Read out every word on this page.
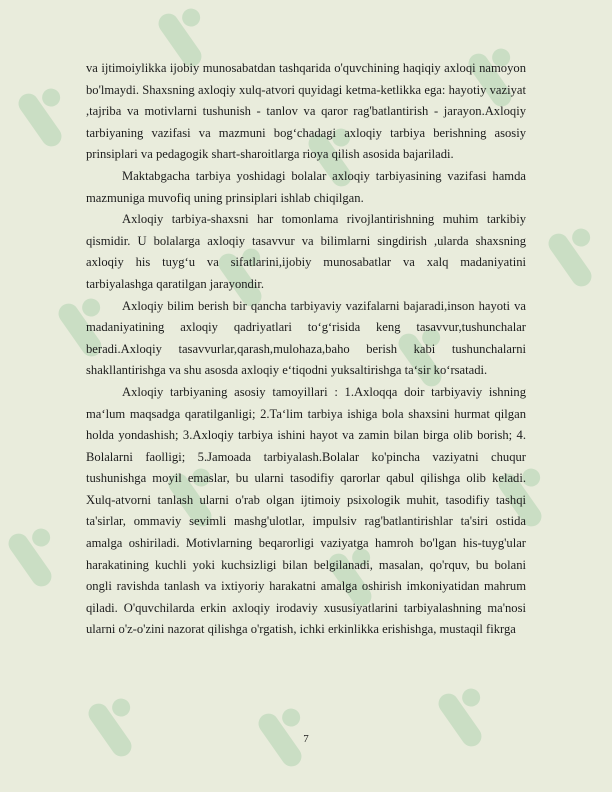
va ijtimoiylikka ijobiy munosabatdan tashqarida o'quvchining haqiqiy axloqi namoyon bo'lmaydi. Shaxsning axloqiy xulq-atvori quyidagi ketma-ketlikka ega: hayotiy vaziyat ,tajriba va motivlarni tushunish - tanlov va qaror rag'batlantirish - jarayon.Axloqiy tarbiyaning vazifasi va mazmuni bog‘chadagi axloqiy tarbiya berishning asosiy prinsiplari va pedagogik shart-sharoitlarga rioya qilish asosida bajariladi.

Maktabgacha tarbiya yoshidagi bolalar axloqiy tarbiyasining vazifasi hamda mazmuniga muvofiq uning prinsiplari ishlab chiqilgan.

Axloqiy tarbiya-shaxsni har tomonlama rivojlantirishning muhim tarkibiy qismidir. U bolalarga axloqiy tasavvur va bilimlarni singdirish ,ularda shaxsning axloqiy his tuyg‘u va sifatlarini,ijobiy munosabatlar va xalq madaniyatini tarbiyalashga qaratilgan jarayondir.

Axloqiy bilim berish bir qancha tarbiyaviy vazifalarni bajaradi,inson hayoti va madaniyatining axloqiy qadriyatlari to‘g‘risida keng tasavvur,tushunchalar beradi.Axloqiy tasavvurlar,qarash,mulohaza,baho berish kabi tushunchalarni shakllantirishga va shu asosda axloqiy e‘tiqodni yuksaltirishga ta‘sir ko‘rsatadi.

Axloqiy tarbiyaning asosiy tamoyillari : 1.Axloqqa doir tarbiyaviy ishning ma‘lum maqsadga qaratilganligi; 2.Ta‘lim tarbiya ishiga bola shaxsini hurmat qilgan holda yondashish; 3.Axloqiy tarbiya ishini hayot va zamin bilan birga olib borish; 4. Bolalarni faolligi; 5.Jamoada tarbiyalash.Bolalar ko'pincha vaziyatni chuqur tushunishga moyil emaslar, bu ularni tasodifiy qarorlar qabul qilishga olib keladi. Xulq-atvorni tanlash ularni o'rab olgan ijtimoiy psixologik muhit, tasodifiy tashqi ta'sirlar, ommaviy sevimli mashg'ulotlar, impulsiv rag'batlantirishlar ta'siri ostida amalga oshiriladi. Motivlarning beqarorligi vaziyatga hamroh bo'lgan his-tuyg'ular harakatining kuchli yoki kuchsizligi bilan belgilanadi, masalan, qo'rquv, bu bolani ongli ravishda tanlash va ixtiyoriy harakatni amalga oshirish imkoniyatidan mahrum qiladi. O'quvchilarda erkin axloqiy irodaviy xususiyatlarini tarbiyalashning ma'nosi ularni o'z-o'zini nazorat qilishga o'rgatish, ichki erkinlikka erishishga, mustaqil fikrga

7
